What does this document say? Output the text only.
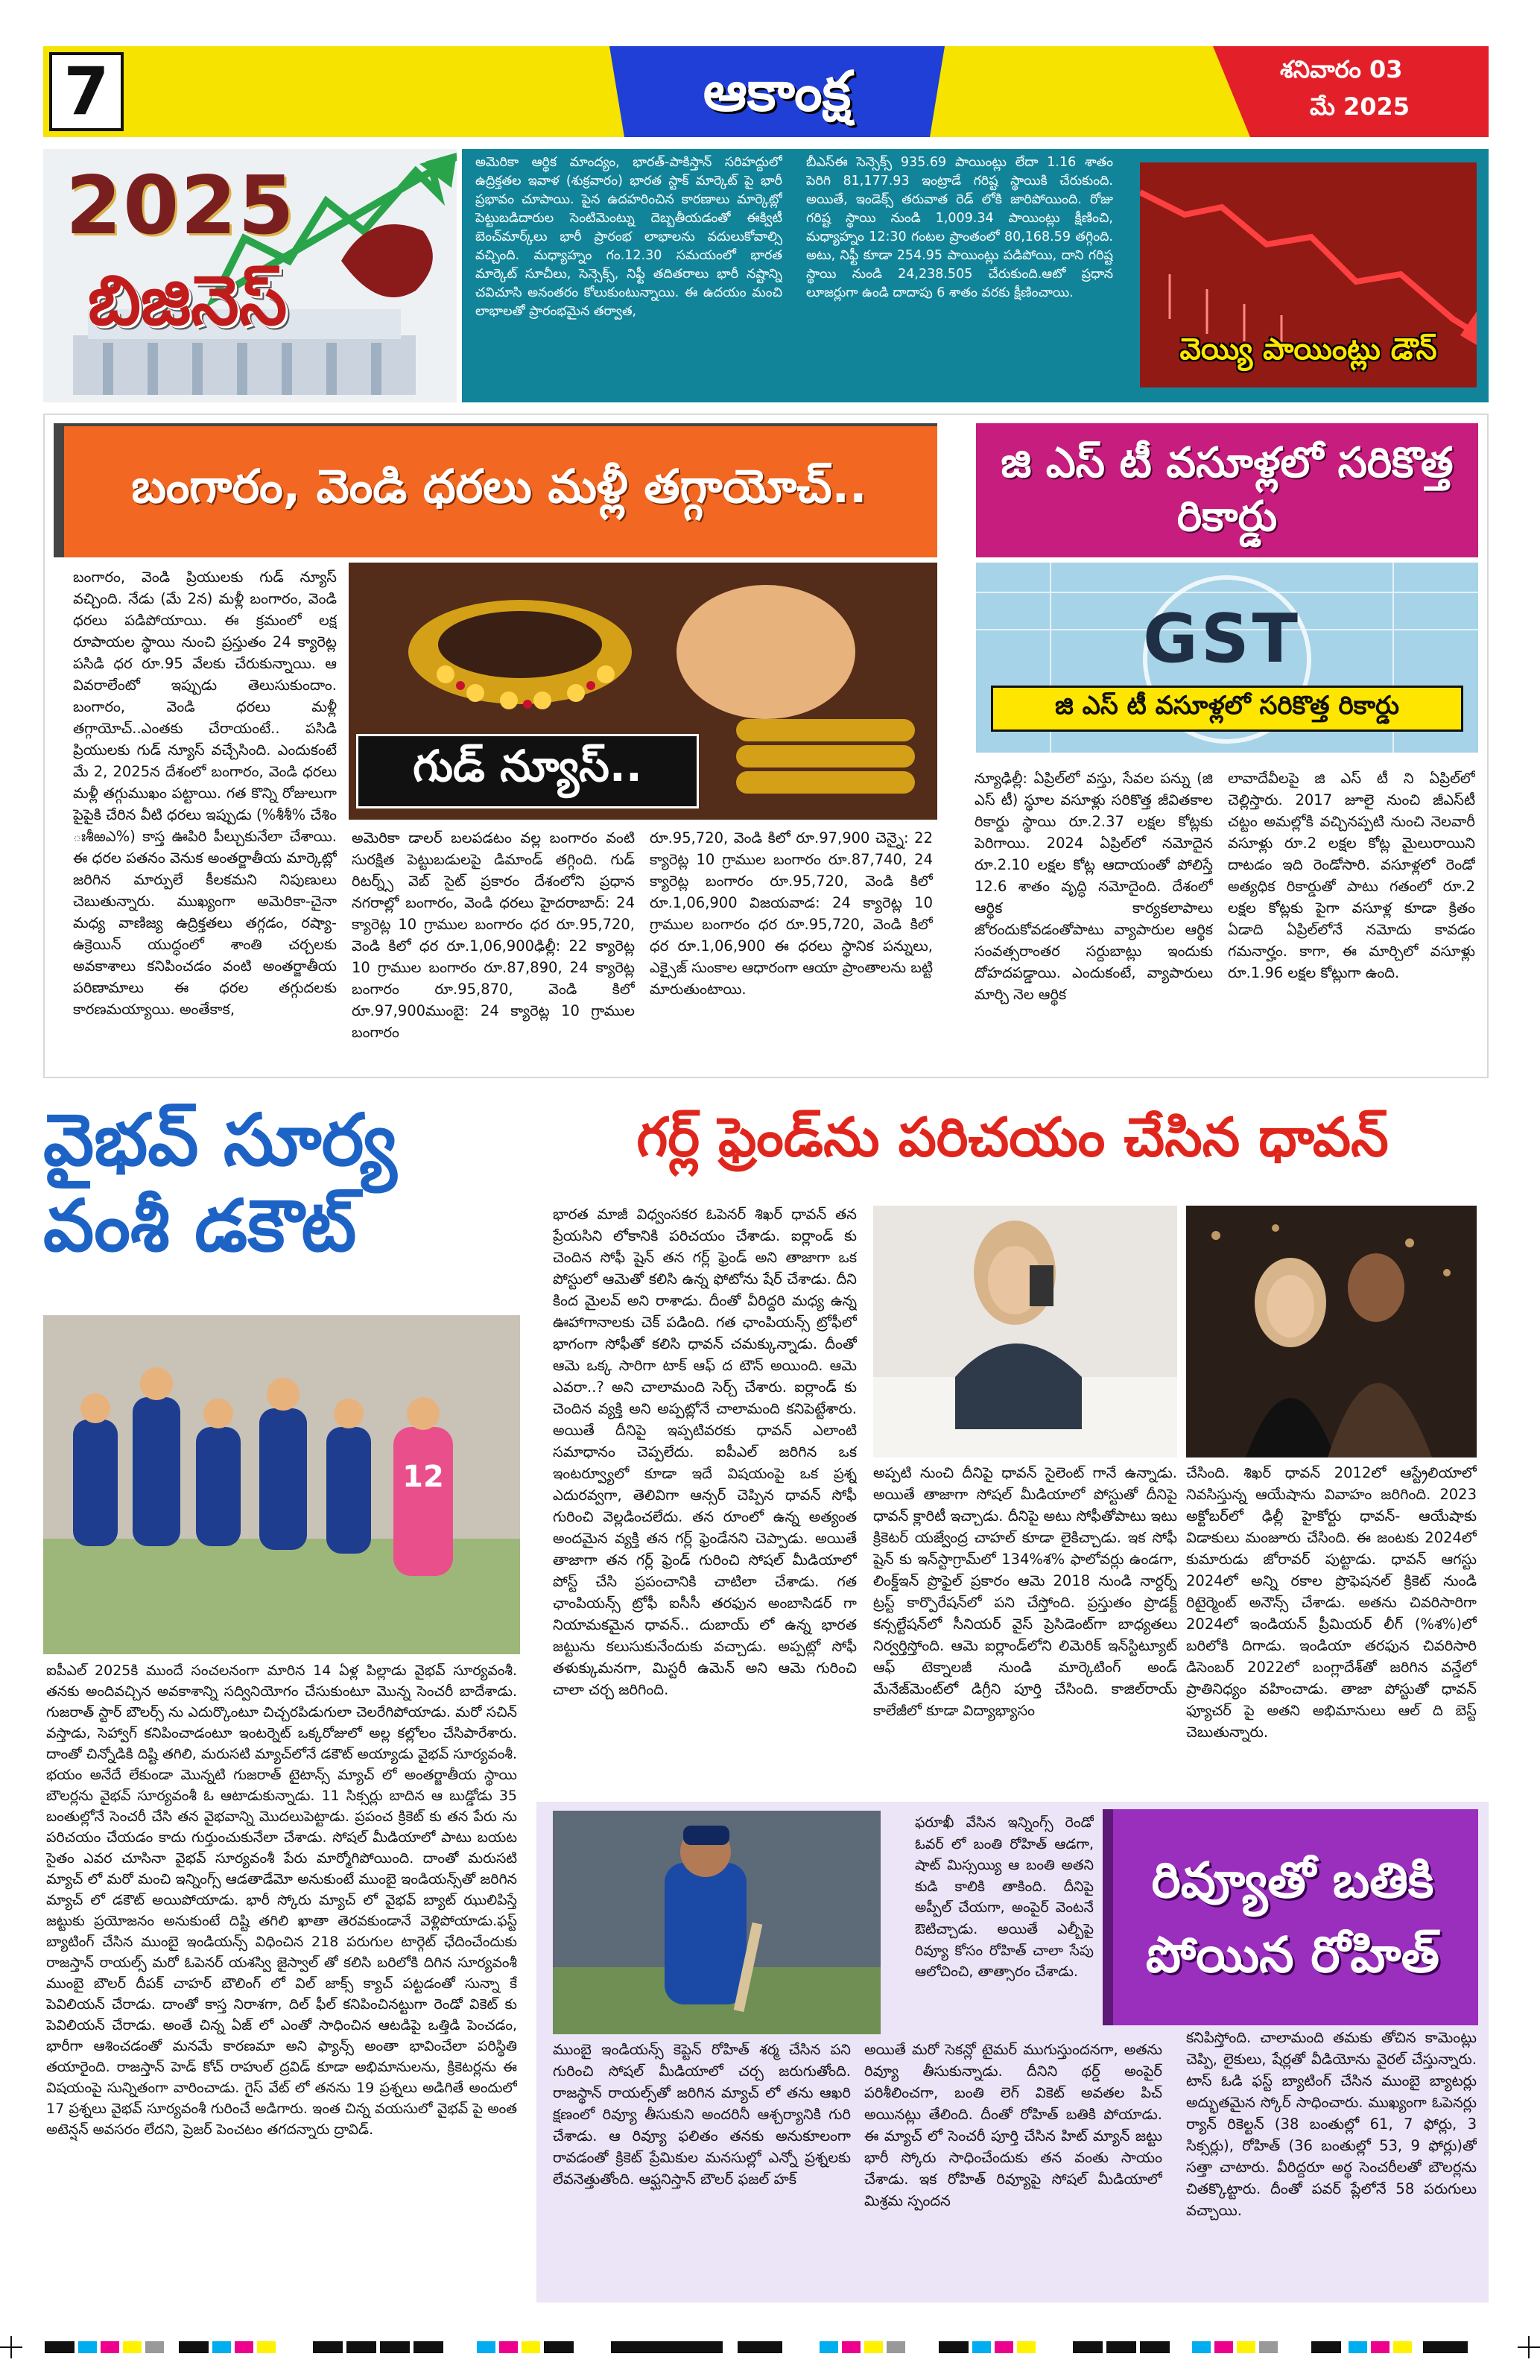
7	ఆకాంక్ష	శనివారం 03
మే 2025
2025
బిజినెస్
అమెరికా ఆర్థిక మాంద్యం, భారత్-పాకిస్తాన్ సరిహద్దులో ఉద్రిక్తతల ఇవాళ (శుక్రవారం) భారత స్టాక్ మార్కెట్ పై భారీ ప్రభావం చూపాయి. పైన ఉదహరించిన కారణాలు మార్కెట్లో పెట్టుబడిదారుల సెంటిమెంట్ను దెబ్బతీయడంతో ఈక్విటీ బెంచ్‌మార్క్‌లు భారీ ప్రారంభ లాభాలను వదులుకోవాల్సి వచ్చింది. మధ్యాహ్నం గం.12.30 సమయంలో భారత మార్కెట్ సూచీలు, సెన్సెక్స్, నిఫ్టీ తదితరాలు భారీ నష్టాన్ని చవిచూసి అనంతరం కోలుకుంటున్నాయి. ఈ ఉదయం మంచి లాభాలతో ప్రారంభమైన తర్వాత,
బీఎస్ఈ సెన్సెక్స్ 935.69 పాయింట్లు లేదా 1.16 శాతం పెరిగి 81,177.93 ఇంట్రాడే గరిష్ట స్థాయికి చేరుకుంది. అయితే, ఇండెక్స్ తరువాత రెడ్ లోకి జారిపోయింది. రోజు గరిష్ట స్థాయి నుండి 1,009.34 పాయింట్లు క్షీణించి, మధ్యాహ్నం 12:30 గంటల ప్రాంతంలో 80,168.59 తగ్గింది. అటు, నిఫ్టీ కూడా 254.95 పాయింట్లు పడిపోయి, దాని గరిష్ట స్థాయి నుండి 24,238.505 చేరుకుంది.ఆటో ప్రధాన లూజర్లుగా ఉండి దాదాపు 6 శాతం వరకు క్షీణించాయి.
వెయ్యి పాయింట్లు డౌన్
బంగారం, వెండి ధరలు మళ్లీ తగ్గాయోచ్..	జి ఎస్ టీ వసూళ్లలో సరికొత్త రికార్డు
బంగారం, వెండి ప్రియులకు గుడ్ న్యూస్ వచ్చింది. నేడు (మే 2న) మళ్లీ బంగారం, వెండి ధరలు పడిపోయాయి. ఈ క్రమంలో లక్ష రూపాయల స్థాయి నుంచి ప్రస్తుతం 24 క్యారెట్ల పసిడి ధర రూ.95 వేలకు చేరుకున్నాయి. ఆ వివరాలేంటో ఇప్పుడు తెలుసుకుందాం. బంగారం, వెండి ధరలు మళ్లీ తగ్గాయోచ్..ఎంతకు చేరాయంటే.. పసిడి ప్రియులకు గుడ్ న్యూస్ వచ్చేసింది. ఎందుకంటే మే 2, 2025న దేశంలో బంగారం, వెండి ధరలు మళ్లీ తగ్గుముఖం పట్టాయి. గత కొన్ని రోజులుగా పైపైకి చేరిన వీటి ధరలు ఇప్పుడు (%శీశీ% చేశిం ఃశీఱఎ%) కాస్త ఊపిరి పీల్చుకునేలా చేశాయి. ఈ ధరల పతనం వెనుక అంతర్జాతీయ మార్కెట్లో జరిగిన మార్పులే కీలకమని నిపుణులు చెబుతున్నారు. ముఖ్యంగా అమెరికా-చైనా మధ్య వాణిజ్య ఉద్రిక్తతలు తగ్గడం, రష్యా-ఉక్రెయిన్ యుద్ధంలో శాంతి చర్చలకు అవకాశాలు కనిపించడం వంటి అంతర్జాతీయ పరిణామాలు ఈ ధరల తగ్గుదలకు కారణమయ్యాయి. అంతేకాక,
గుడ్ న్యూస్..
అమెరికా డాలర్ బలపడటం వల్ల బంగారం వంటి సురక్షిత పెట్టుబడులపై డిమాండ్ తగ్గింది. గుడ్ రిటర్న్స్ వెబ్ సైట్ ప్రకారం దేశంలోని ప్రధాన నగరాల్లో బంగారం, వెండి ధరలు హైదరాబాద్: 24 క్యారెట్ల 10 గ్రాముల బంగారం ధర రూ.95,720, వెండి కిలో ధర రూ.1,06,900ఢిల్లీ: 22 క్యారెట్ల 10 గ్రాముల బంగారం రూ.87,890, 24 క్యారెట్ల బంగారం రూ.95,870, వెండి కిలో రూ.97,900ముంబై: 24 క్యారెట్ల 10 గ్రాముల బంగారం
రూ.95,720, వెండి కిలో రూ.97,900 చెన్నై: 22 క్యారెట్ల 10 గ్రాముల బంగారం రూ.87,740, 24 క్యారెట్ల బంగారం రూ.95,720, వెండి కిలో రూ.1,06,900 విజయవాడ: 24 క్యారెట్ల 10 గ్రాముల బంగారం ధర రూ.95,720, వెండి కిలో ధర రూ.1,06,900 ఈ ధరలు స్థానిక పన్నులు, ఎక్సైజ్ సుంకాల ఆధారంగా ఆయా ప్రాంతాలను బట్టి మారుతుంటాయి.
GST
జి ఎస్ టీ వసూళ్లలో సరికొత్త రికార్డు
న్యూఢిల్లీ: ఏప్రిల్‌లో వస్తు, సేవల పన్ను (జి ఎస్ టీ) స్థూల వసూళ్లు సరికొత్త జీవితకాల రికార్డు స్థాయి రూ.2.37 లక్షల కోట్లకు పెరిగాయి. 2024 ఏప్రిల్‌లో నమోదైన రూ.2.10 లక్షల కోట్ల ఆదాయంతో పోలిస్తే 12.6 శాతం వృద్ధి నమోదైంది. దేశంలో ఆర్థిక కార్యకలాపాలు జోరందుకోవడంతోపాటు వ్యాపారుల ఆర్థిక సంవత్సరాంతర సర్దుబాట్లు ఇందుకు దోహదపడ్డాయి. ఎందుకంటే, వ్యాపారులు మార్చి నెల ఆర్థిక
లావాదేవీలపై జి ఎస్ టీ ని ఏప్రిల్‌లో చెల్లిస్తారు. 2017 జూలై నుంచి జీఎస్‌టీ చట్టం అమల్లోకి వచ్చినప్పటి నుంచి నెలవారీ వసూళ్లు రూ.2 లక్షల కోట్ల మైలురాయిని దాటడం ఇది రెండోసారి. వసూళ్లలో రెండో అత్యధిక రికార్డుతో పాటు గతంలో రూ.2 లక్షల కోట్లకు పైగా వసూళ్ల కూడా క్రితం ఏడాది ఏప్రిల్‌లోనే నమోదు కావడం గమనార్హం. కాగా, ఈ మార్చిలో వసూళ్లు రూ.1.96 లక్షల కోట్లుగా ఉంది.
వైభవ్ సూర్య
వంశీ డకౌట్
12
ఐపీఎల్ 2025కి ముందే సంచలనంగా మారిన 14 ఏళ్ల పిల్లాడు వైభవ్ సూర్యవంశీ. తనకు అందివచ్చిన అవకాశాన్ని సద్వినియోగం చేసుకుంటూ మొన్న సెంచరీ బాదేశాడు. గుజరాత్ స్టార్ బౌలర్స్ ను ఎదుర్కొంటూ చిచ్చరపిడుగులా చెలరేగిపోయాడు. మరో సచిన్ వస్తాడు, సెహ్వాగ్ కనిపించాడంటూ ఇంటర్నెట్ ఒక్కరోజులో అల్ల కల్లోలం చేసిపారేశారు. దాంతో చిన్నోడికి దిష్టి తగిలి, మరుసటి మ్యాచ్‌లోనే డకౌట్ అయ్యాడు వైభవ్ సూర్యవంశీ. భయం అనేదే లేకుండా మొన్నటి గుజరాత్ టైటాన్స్ మ్యాచ్ లో అంతర్జాతీయ స్థాయి బౌలర్లను వైభవ్ సూర్యవంశీ ఓ ఆటాడుకున్నాడు. 11 సిక్సర్లు బాదిన ఆ బుడ్డోడు 35 బంతుల్లోనే సెంచరీ చేసి తన వైభవాన్ని మొదలుపెట్టాడు. ప్రపంచ క్రికెట్ కు తన పేరు ను పరిచయం చేయడం కాదు గుర్తుంచుకునేలా చేశాడు. సోషల్ మీడియాలో పాటు బయట సైతం ఎవర చూసినా వైభవ్ సూర్యవంశీ పేరు మార్మోగిపోయింది. దాంతో మరుసటి మ్యాచ్ లో మరో మంచి ఇన్నింగ్స్ ఆడతాడేమో అనుకుంటే ముంబై ఇండియన్స్‌తో జరిగిన మ్యాచ్ లో డకౌట్ అయిపోయాడు. భారీ స్కోరు మ్యాచ్ లో వైభవ్ బ్యాట్ ఝులిపిస్తే జట్టుకు ప్రయోజనం అనుకుంటే దిష్టి తగిలి ఖాతా తెరవకుండానే వెళ్లిపోయాడు.ఫస్ట్ బ్యాటింగ్ చేసిన ముంబై ఇండియన్స్ విధించిన 218 పరుగుల టార్గెట్ ఛేదించేందుకు రాజస్తాన్ రాయల్స్ మరో ఓపెనర్ యశస్వి జైస్వాల్ తో కలిసి బరిలోకి దిగిన సూర్యవంశీ ముంబై బౌలర్ దీపక్ చాహర్ బౌలింగ్ లో విల్ జాక్స్ క్యాచ్ పట్టడంతో సున్నా కే పెవిలియన్ చేరాడు. దాంతో కాస్త నిరాశగా, దిల్ ఫీల్ కనిపించినట్టుగా రెండో వికెట్ కు పెవిలియన్ చేరాడు. అంతే చిన్న ఏజ్ లో ఎంతో సాధించిన ఆటడిపై ఒత్తిడి పెంచడం, భారీగా ఆశించడంతో మనమే కారణమా అని ఫ్యాన్స్ అంతా భావించేలా పరిస్థితి తయారైంది. రాజస్తాన్ హెడ్ కోచ్ రాహుల్ ద్రవిడ్ కూడా అభిమానులను, క్రికెటర్లను ఈ విషయంపై సున్నితంగా వారించాడు. గైస్ వేట్ లో తనను 19 ప్రశ్నలు అడిగితే అందులో 17 ప్రశ్నలు వైభవ్ సూర్యవంశీ గురించే అడిగారు. ఇంత చిన్న వయసులో వైభవ్ పై అంత అటెన్షన్ అవసరం లేదని, ప్రెజర్ పెంచటం తగదన్నారు ద్రావిడ్.
గర్ల్ ఫ్రెండ్‌ను పరిచయం చేసిన ధావన్
భారత మాజీ విధ్వంసకర ఓపెనర్ శిఖర్ ధావన్ తన ప్రేయసిని లోకానికి పరిచయం చేశాడు. ఐర్లాండ్ కు చెందిన సోఫీ షైన్ తన గర్ల్ ఫ్రెండ్ అని తాజాగా ఒక పోస్టులో ఆమెతో కలిసి ఉన్న ఫోటోను షేర్ చేశాడు. దీని కింద మైలవ్ అని రాశాడు. దీంతో వీరిద్దరి మధ్య ఉన్న ఊహాగానాలకు చెక్ పడింది. గత ఛాంపియన్స్ ట్రోఫీలో భాగంగా సోఫీతో కలిసి ధావన్ చమక్కున్నాడు. దీంతో ఆమె ఒక్క సారిగా టాక్ ఆఫ్ ద టౌన్ అయింది. ఆమె ఎవరా..? అని చాలామంది సెర్చ్ చేశారు. ఐర్లాండ్ కు చెందిన వ్యక్తి అని అప్పట్లోనే చాలామంది కనిపెట్టేశారు. అయితే దీనిపై ఇప్పటివరకు ధావన్ ఎలాంటి సమాధానం చెప్పలేదు. ఐపీఎల్ జరిగిన ఒక ఇంటర్వ్యూలో కూడా ఇదే విషయంపై ఒక ప్రశ్న ఎదురవ్వగా, తెలివిగా ఆన్సర్ చెప్పిన ధావన్ సోఫీ గురించి వెల్లడించలేదు. తన రూంలో ఉన్న అత్యంత అందమైన వ్యక్తి తన గర్ల్ ఫ్రెండేనని చెప్పాడు. అయితే తాజాగా తన గర్ల్ ఫ్రెండ్ గురించి సోషల్ మీడియాలో పోస్ట్ చేసి ప్రపంచానికి చాటిలా చేశాడు. గత ఛాంపియన్స్ ట్రోఫీ ఐసీసీ తరఫున అంబాసిడర్ గా నియామకమైన ధావన్.. దుబాయ్ లో ఉన్న భారత జట్టును కలుసుకునేందుకు వచ్చాడు. అప్పట్లో సోఫీ తళుక్కుమనగా, మిస్టరీ ఉమెన్ అని ఆమె గురించి చాలా చర్చ జరిగింది.
అప్పటి నుంచి దీనిపై ధావన్ సైలెంట్ గానే ఉన్నాడు. అయితే తాజాగా సోషల్ మీడియాలో పోస్టుతో దీనిపై ధావన్ క్లారిటీ ఇచ్చాడు. దీనిపై అటు సోఫీతోపాటు ఇటు క్రికెటర్ యజ్వేంద్ర చాహల్ కూడా లైకిచ్చాడు. ఇక సోఫీ షైన్ కు ఇన్‌స్టాగ్రామ్‌లో 134%శ% ఫాలోవర్లు ఉండగా, లింక్డ్ఇన్ ప్రొఫైల్ ప్రకారం ఆమె 2018 నుండి నార్దర్న్ ట్రస్ట్ కార్పొరేషన్‌లో పని చేస్తోంది. ప్రస్తుతం ప్రొడక్ట్ కన్సల్టేషన్‌లో సీనియర్ వైస్ ప్రెసిడెంట్‌గా బాధ్యతలు నిర్వర్తిస్తోంది. ఆమె ఐర్లాండ్‌లోని లిమెరిక్ ఇన్‌స్టిట్యూట్ ఆఫ్ టెక్నాలజీ నుండి మార్కెటింగ్ అండ్ మేనేజ్‌మెంట్‌లో డిగ్రీని పూర్తి చేసింది. కాజిల్‌రాయ్ కాలేజీలో కూడా విద్యాభ్యాసం
చేసింది. శిఖర్ ధావన్ 2012లో ఆస్ట్రేలియాలో నివసిస్తున్న ఆయేషాను వివాహం జరిగింది. 2023 అక్టోబర్‌లో ఢిల్లీ హైకోర్టు ధావన్- ఆయేషాకు విడాకులు మంజూరు చేసింది. ఈ జంటకు 2024లో కుమారుడు జోరావర్ పుట్టాడు. ధావన్ ఆగస్టు 2024లో అన్ని రకాల ప్రొఫెషనల్ క్రికెట్ నుండి రిటైర్మెంట్ అనౌన్స్ చేశాడు. అతను చివరిసారిగా 2024లో ఇండియన్ ప్రీమియర్ లీగ్ (%శ%)లో బరిలోకి దిగాడు. ఇండియా తరఫున చివరిసారి డిసెంబర్ 2022లో బంగ్లాదేశ్‌తో జరిగిన వన్డేలో ప్రాతినిధ్యం వహించాడు. తాజా పోస్టుతో ధావన్ ఫ్యూచర్ పై అతని అభిమానులు ఆల్ ది బెస్ట్ చెబుతున్నారు.
ఫరూఖీ వేసిన ఇన్నింగ్స్ రెండో ఓవర్ లో బంతి రోహిత్ ఆడగా, షాట్ మిస్సయ్యి ఆ బంతి అతని కుడి కాలికి తాకింది. దీనిపై అప్పీల్ చేయగా, అంపైర్ వెంటనే ఔటిచ్చాడు. అయితే ఎల్బీపై రివ్యూ కోసం రోహిత్ చాలా సేపు ఆలోచించి, తాత్సారం చేశాడు.
రివ్యూతో బతికి పోయిన రోహిత్
ముంబై ఇండియన్స్ కెప్టెన్ రోహిత్ శర్మ చేసిన పని గురించి సోషల్ మీడియాలో చర్చ జరుగుతోంది. రాజస్థాన్ రాయల్స్‌తో జరిగిన మ్యాచ్ లో తను ఆఖరి క్షణంలో రివ్యూ తీసుకుని అందరినీ ఆశ్చర్యానికి గురి చేశాడు. ఆ రివ్యూ ఫలితం తనకు అనుకూలంగా రావడంతో క్రికెట్ ప్రేమికుల మనసుల్లో ఎన్నో ప్రశ్నలకు లేవనెత్తుతోంది. ఆఫ్ఘనిస్తాన్ బౌలర్ ఫజల్ హక్
అయితే మరో సెకన్లో టైమర్ ముగుస్తుందనగా, అతను రివ్యూ తీసుకున్నాడు. దీనిని థర్డ్ అంపైర్ పరిశీలించగా, బంతి లెగ్ వికెట్ అవతల పిచ్ అయినట్లు తేలింది. దీంతో రోహిత్ బతికి పోయాడు. ఈ మ్యాచ్ లో సెంచరీ పూర్తి చేసిన హిట్ మ్యాన్ జట్టు భారీ స్కోరు సాధించేందుకు తన వంతు సాయం చేశాడు. ఇక రోహిత్ రివ్యూపై సోషల్ మీడియాలో మిశ్రమ స్పందన
కనిపిస్తోంది. చాలామంది తమకు తోచిన కామెంట్లు చెప్పి, లైకులు, షేర్లతో వీడియోను వైరల్ చేస్తున్నారు. టాస్ ఓడి ఫస్ట్ బ్యాటింగ్ చేసిన ముంబై బ్యాటర్లు అద్భుతమైన స్కోర్ సాధించారు. ముఖ్యంగా ఓపెనర్లు ర్యాన్ రికెల్టన్ (38 బంతుల్లో 61, 7 ఫోర్లు, 3 సిక్సర్లు), రోహిత్ (36 బంతుల్లో 53, 9 ఫోర్లు)తో సత్తా చాటారు. వీరిద్దరూ అర్థ సెంచరీలతో బౌలర్లను చితక్కొట్టారు. దీంతో పవర్ ప్లేలోనే 58 పరుగులు వచ్చాయి.
